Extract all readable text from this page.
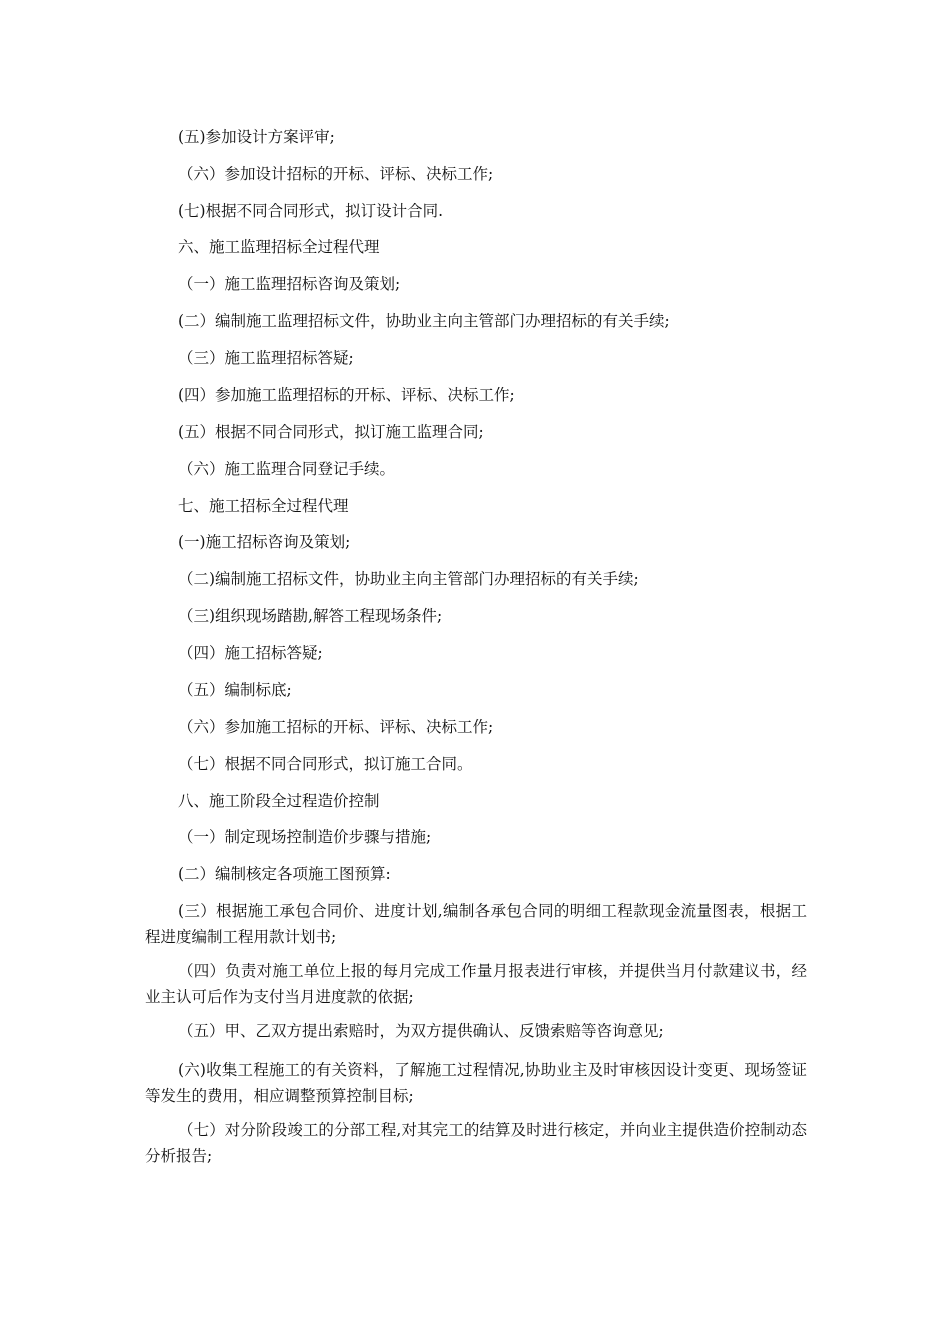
(五)参加设计方案评审;
（六）参加设计招标的开标、评标、决标工作;
(七)根据不同合同形式，拟订设计合同.
六、施工监理招标全过程代理
（一）施工监理招标咨询及策划;
(二）编制施工监理招标文件，协助业主向主管部门办理招标的有关手续;
（三）施工监理招标答疑;
(四）参加施工监理招标的开标、评标、决标工作;
(五）根据不同合同形式，拟订施工监理合同;
（六）施工监理合同登记手续。
七、施工招标全过程代理
(一)施工招标咨询及策划;
（二)编制施工招标文件，协助业主向主管部门办理招标的有关手续;
（三)组织现场踏勘,解答工程现场条件;
（四）施工招标答疑;
（五）编制标底;
（六）参加施工招标的开标、评标、决标工作;
（七）根据不同合同形式，拟订施工合同。
八、施工阶段全过程造价控制
（一）制定现场控制造价步骤与措施;
(二）编制核定各项施工图预算:
(三）根据施工承包合同价、进度计划,编制各承包合同的明细工程款现金流量图表，根据工程进度编制工程用款计划书;
（四）负责对施工单位上报的每月完成工作量月报表进行审核，并提供当月付款建议书，经业主认可后作为支付当月进度款的依据;
（五）甲、乙双方提出索赔时，为双方提供确认、反馈索赔等咨询意见;
(六)收集工程施工的有关资料，了解施工过程情况,协助业主及时审核因设计变更、现场签证等发生的费用，相应调整预算控制目标;
（七）对分阶段竣工的分部工程,对其完工的结算及时进行核定，并向业主提供造价控制动态分析报告;
